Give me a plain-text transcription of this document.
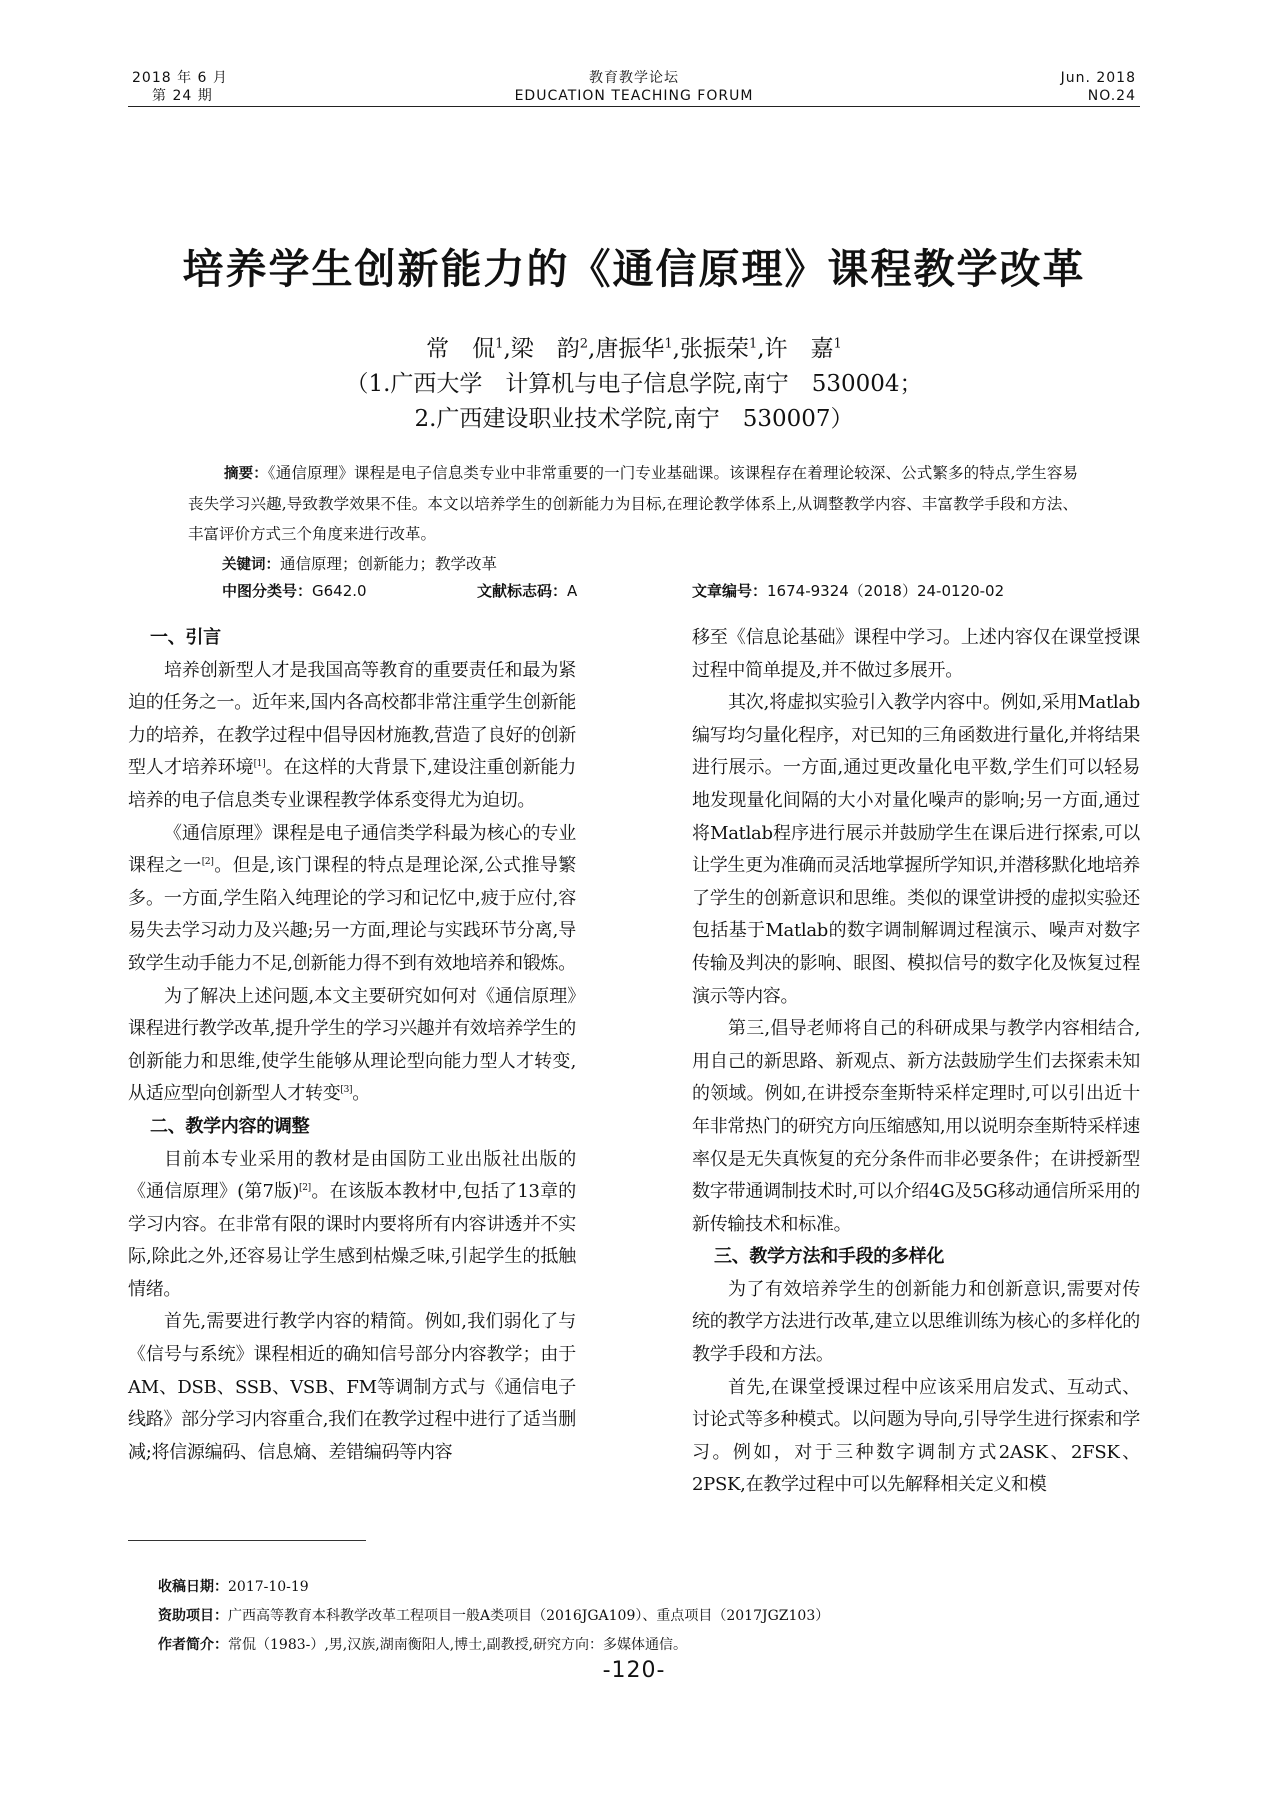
2018 年 6 月
第 24 期
教育教学论坛
EDUCATION TEACHING FORUM
Jun. 2018
NO.24
培养学生创新能力的《通信原理》课程教学改革
常　侃$^1$,梁　韵$^2$,唐振华$^1$,张振荣$^1$,许　嘉$^1$
（1.广西大学　计算机与电子信息学院,南宁　530004；
2.广西建设职业技术学院,南宁　530007）

摘要：《通信原理》课程是电子信息类专业中非常重要的一门专业基础课。该课程存在着理论较深、公式繁多的特点,学生容易丧失学习兴趣,导致教学效果不佳。本文以培养学生的创新能力为目标,在理论教学体系上,从调整教学内容、丰富教学手段和方法、丰富评价方式三个角度来进行改革。

关键词：通信原理；创新能力；教学改革

中图分类号：G642.0	文献标志码：A	文章编号：1674-9324（2018）24-0120-02
一、引言

培养创新型人才是我国高等教育的重要责任和最为紧迫的任务之一。近年来,国内各高校都非常注重学生创新能力的培养，在教学过程中倡导因材施教,营造了良好的创新型人才培养环境[1]。在这样的大背景下,建设注重创新能力培养的电子信息类专业课程教学体系变得尤为迫切。

《通信原理》课程是电子通信类学科最为核心的专业课程之一[2]。但是,该门课程的特点是理论深,公式推导繁多。一方面,学生陷入纯理论的学习和记忆中,疲于应付,容易失去学习动力及兴趣;另一方面,理论与实践环节分离,导致学生动手能力不足,创新能力得不到有效地培养和锻炼。

为了解决上述问题,本文主要研究如何对《通信原理》课程进行教学改革,提升学生的学习兴趣并有效培养学生的创新能力和思维,使学生能够从理论型向能力型人才转变,从适应型向创新型人才转变[3]。

二、教学内容的调整

目前本专业采用的教材是由国防工业出版社出版的《通信原理》(第7版)[2]。在该版本教材中,包括了13章的学习内容。在非常有限的课时内要将所有内容讲透并不实际,除此之外,还容易让学生感到枯燥乏味,引起学生的抵触情绪。

首先,需要进行教学内容的精简。例如,我们弱化了与《信号与系统》课程相近的确知信号部分内容教学；由于AM、DSB、SSB、VSB、FM等调制方式与《通信电子线路》部分学习内容重合,我们在教学过程中进行了适当删减;将信源编码、信息熵、差错编码等内容

移至《信息论基础》课程中学习。上述内容仅在课堂授课过程中简单提及,并不做过多展开。

其次,将虚拟实验引入教学内容中。例如,采用Matlab编写均匀量化程序，对已知的三角函数进行量化,并将结果进行展示。一方面,通过更改量化电平数,学生们可以轻易地发现量化间隔的大小对量化噪声的影响;另一方面,通过将Matlab程序进行展示并鼓励学生在课后进行探索,可以让学生更为准确而灵活地掌握所学知识,并潜移默化地培养了学生的创新意识和思维。类似的课堂讲授的虚拟实验还包括基于Matlab的数字调制解调过程演示、噪声对数字传输及判决的影响、眼图、模拟信号的数字化及恢复过程演示等内容。

第三,倡导老师将自己的科研成果与教学内容相结合,用自己的新思路、新观点、新方法鼓励学生们去探索未知的领域。例如,在讲授奈奎斯特采样定理时,可以引出近十年非常热门的研究方向压缩感知,用以说明奈奎斯特采样速率仅是无失真恢复的充分条件而非必要条件；在讲授新型数字带通调制技术时,可以介绍4G及5G移动通信所采用的新传输技术和标准。

三、教学方法和手段的多样化

为了有效培养学生的创新能力和创新意识,需要对传统的教学方法进行改革,建立以思维训练为核心的多样化的教学手段和方法。

首先,在课堂授课过程中应该采用启发式、互动式、讨论式等多种模式。以问题为导向,引导学生进行探索和学习。例如，对于三种数字调制方式2ASK、2FSK、2PSK,在教学过程中可以先解释相关定义和模

收稿日期：2017-10-19

资助项目：广西高等教育本科教学改革工程项目一般A类项目（2016JGA109）、重点项目（2017JGZ103）

作者简介：常侃（1983-）,男,汉族,湖南衡阳人,博士,副教授,研究方向：多媒体通信。

-120-
